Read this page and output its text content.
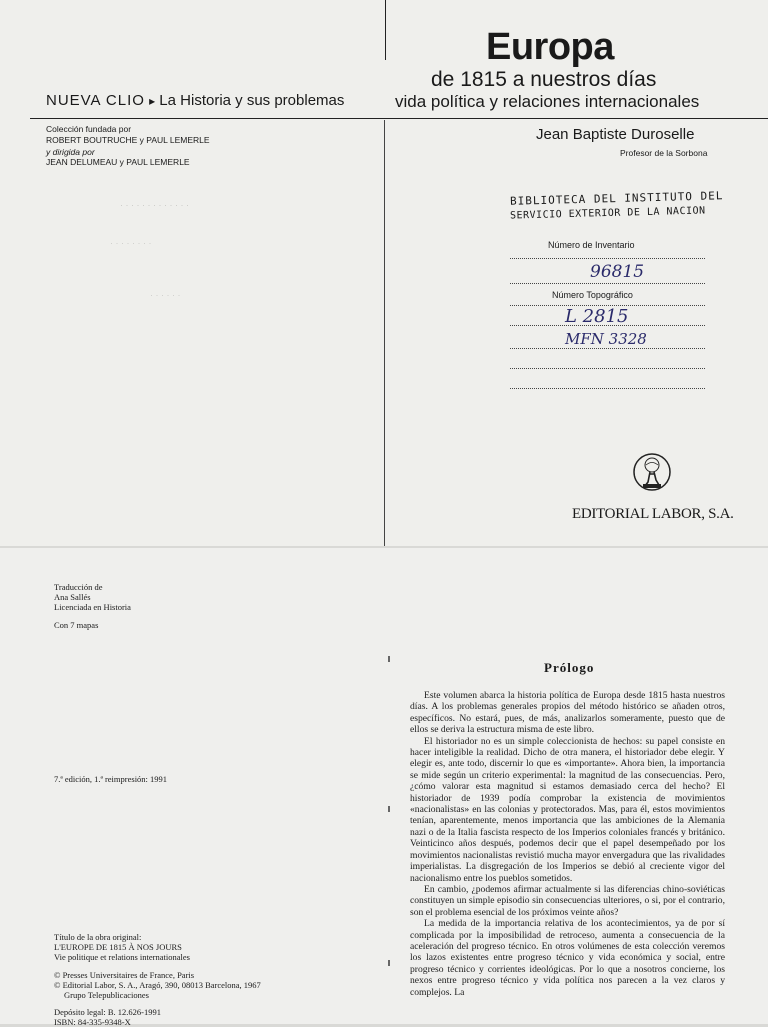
Europa
de 1815 a nuestros días
vida política y relaciones internacionales
NUEVA CLIO ▸ La Historia y sus problemas
Colección fundada por
ROBERT BOUTRUCHE y PAUL LEMERLE
y dirigida por
JEAN DELUMEAU y PAUL LEMERLE
· · · · · · · · · · · · ·
· · · · · · · ·
· · · · · ·
Jean Baptiste Duroselle
Profesor de la Sorbona
BIBLIOTECA DEL INSTITUTO DEL
SERVICIO EXTERIOR DE LA NACION
Número de Inventario
96815
Número Topográfico
L 2815
MFN 3328
EDITORIAL LABOR, S.A.
Traducción de
Ana Sallés
Licenciada en Historia
Con 7 mapas
7.ª edición, 1.ª reimpresión: 1991
Título de la obra original:
L'EUROPE DE 1815 À NOS JOURS
Vie politique et relations internationales
© Presses Universitaires de France, Paris
© Editorial Labor, S. A., Aragó, 390, 08013 Barcelona, 1967
Grupo Telepublicaciones
Depósito legal: B. 12.626-1991
ISBN: 84-335-9348-X
Prólogo

Este volumen abarca la historia política de Europa desde 1815 hasta nuestros días. A los problemas generales propios del método histórico se añaden otros, específicos. No estará, pues, de más, analizarlos someramente, puesto que de ellos se deriva la estructura misma de este libro.

El historiador no es un simple coleccionista de hechos: su papel consiste en hacer inteligible la realidad. Dicho de otra manera, el historiador debe elegir. Y elegir es, ante todo, discernir lo que es «importante». Ahora bien, la importancia se mide según un criterio experimental: la magnitud de las consecuencias. Pero, ¿cómo valorar esta magnitud si estamos demasiado cerca del hecho? El historiador de 1939 podía comprobar la existencia de movimientos «nacionalistas» en las colonias y protectorados. Mas, para él, estos movimientos tenían, aparentemente, menos importancia que las ambiciones de la Alemania nazi o de la Italia fascista respecto de los Imperios coloniales francés y británico. Veinticinco años después, podemos decir que el papel desempeñado por los movimientos nacionalistas revistió mucha mayor envergadura que las rivalidades imperialistas. La disgregación de los Imperios se debió al creciente vigor del nacionalismo entre los pueblos sometidos.

En cambio, ¿podemos afirmar actualmente si las diferencias chino-soviéticas constituyen un simple episodio sin consecuencias ulteriores, o si, por el contrario, son el problema esencial de los próximos veinte años?

La medida de la importancia relativa de los acontecimientos, ya de por sí complicada por la imposibilidad de retroceso, aumenta a consecuencia de la aceleración del progreso técnico. En otros volúmenes de esta colección veremos los lazos existentes entre progreso técnico y vida económica y social, entre progreso técnico y corrientes ideológicas. Por lo que a nosotros concierne, los nexos entre progreso técnico y vida política nos parecen a la vez claros y complejos. La
